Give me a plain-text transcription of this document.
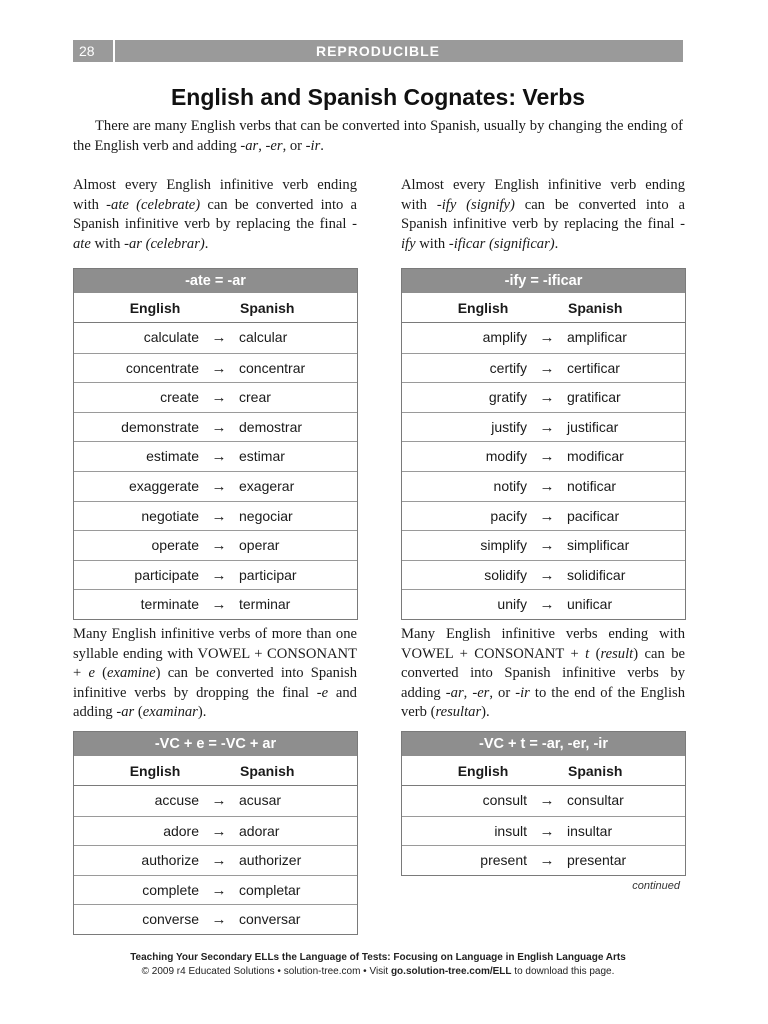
REPRODUCIBLE
28
English and Spanish Cognates: Verbs

There are many English verbs that can be converted into Spanish, usually by changing the ending of the English verb and adding -ar, -er, or -ir.

Almost every English infinitive verb ending with -ate (celebrate) can be converted into a Spanish infinitive verb by replacing the final -ate with -ar (celebrar).

Almost every English infinitive verb ending with -ify (signify) can be converted into a Spanish infinitive verb by replacing the final -ify with -ificar (significar).

-ate = -ar
English	Spanish
calculate → calcular
concentrate → concentrar
create → crear
demonstrate → demostrar
estimate → estimar
exaggerate → exagerar
negotiate → negociar
operate → operar
participate → participar
terminate → terminar
-ify = -ificar
English	Spanish
amplify → amplificar
certify → certificar
gratify → gratificar
justify → justificar
modify → modificar
notify → notificar
pacify → pacificar
simplify → simplificar
solidify → solidificar
unify → unificar

Many English infinitive verbs of more than one syllable ending with VOWEL + CONSONANT + e (examine) can be converted into Spanish infinitive verbs by dropping the final -e and adding -ar (examinar).

Many English infinitive verbs ending with VOWEL + CONSONANT + t (result) can be converted into Spanish infinitive verbs by adding -ar, -er, or -ir to the end of the English verb (resultar).

-VC + e = -VC + ar
English	Spanish
accuse → acusar
adore → adorar
authorize → authorizer
complete → completar
converse → conversar
-VC + t = -ar, -er, -ir
English	Spanish
consult → consultar
insult → insultar
present → presentar
continued
Teaching Your Secondary ELLs the Language of Tests: Focusing on Language in English Language Arts
© 2009 r4 Educated Solutions • solution-tree.com • Visit go.solution-tree.com/ELL to download this page.
